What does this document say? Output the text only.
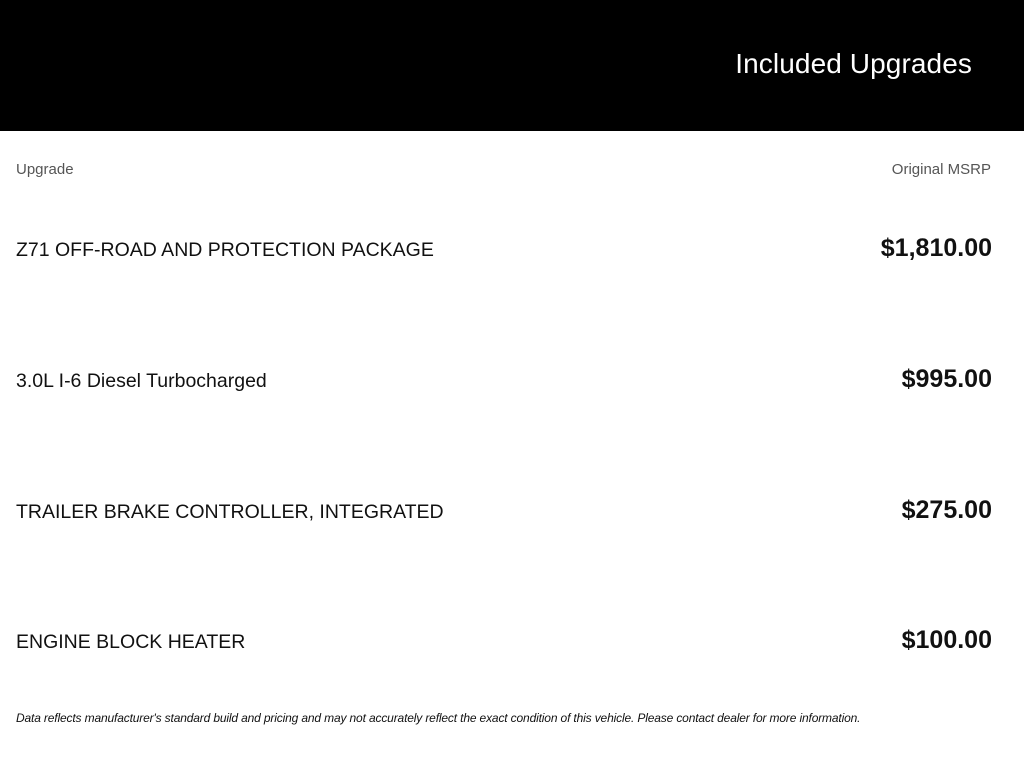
Included Upgrades
Upgrade	Original MSRP
Z71 OFF-ROAD AND PROTECTION PACKAGE	$1,810.00
3.0L I-6 Diesel Turbocharged	$995.00
TRAILER BRAKE CONTROLLER, INTEGRATED	$275.00
ENGINE BLOCK HEATER	$100.00
Data reflects manufacturer's standard build and pricing and may not accurately reflect the exact condition of this vehicle. Please contact dealer for more information.
